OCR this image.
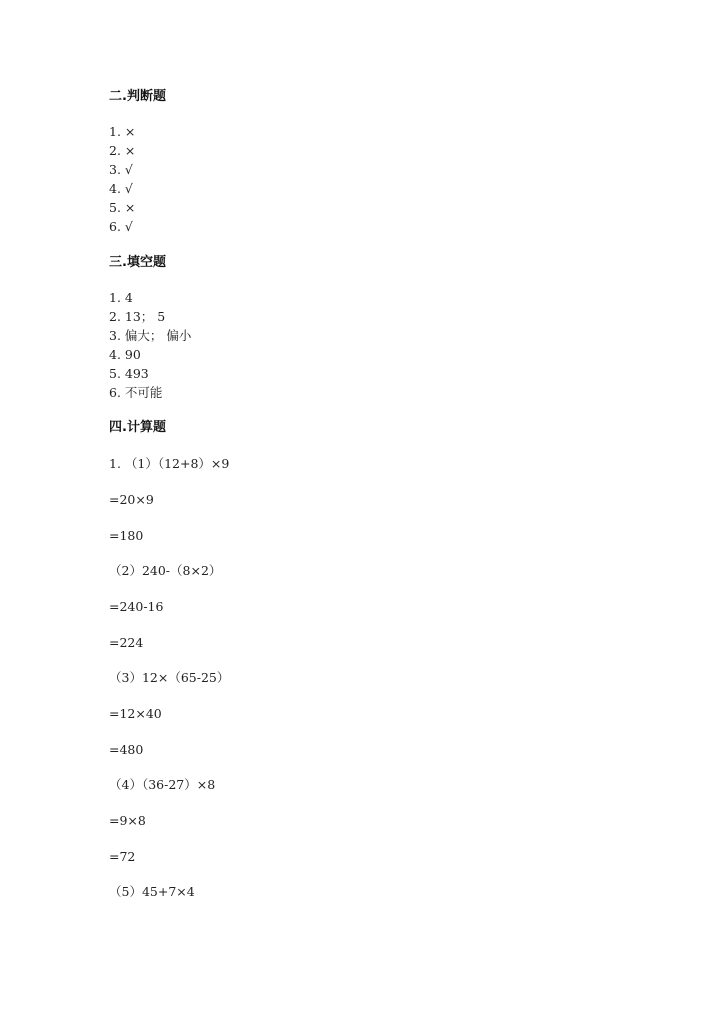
二.判断题
1. ×
2. ×
3. √
4. √
5. ×
6. √
三.填空题
1. 4
2. 13； 5
3. 偏大； 偏小
4. 90
5. 493
6. 不可能
四.计算题
1. （1）（12+8）×9
=20×9
=180
（2）240-（8×2）
=240-16
=224
（3）12×（65-25）
=12×40
=480
（4）（36-27）×8
=9×8
=72
（5）45+7×4
